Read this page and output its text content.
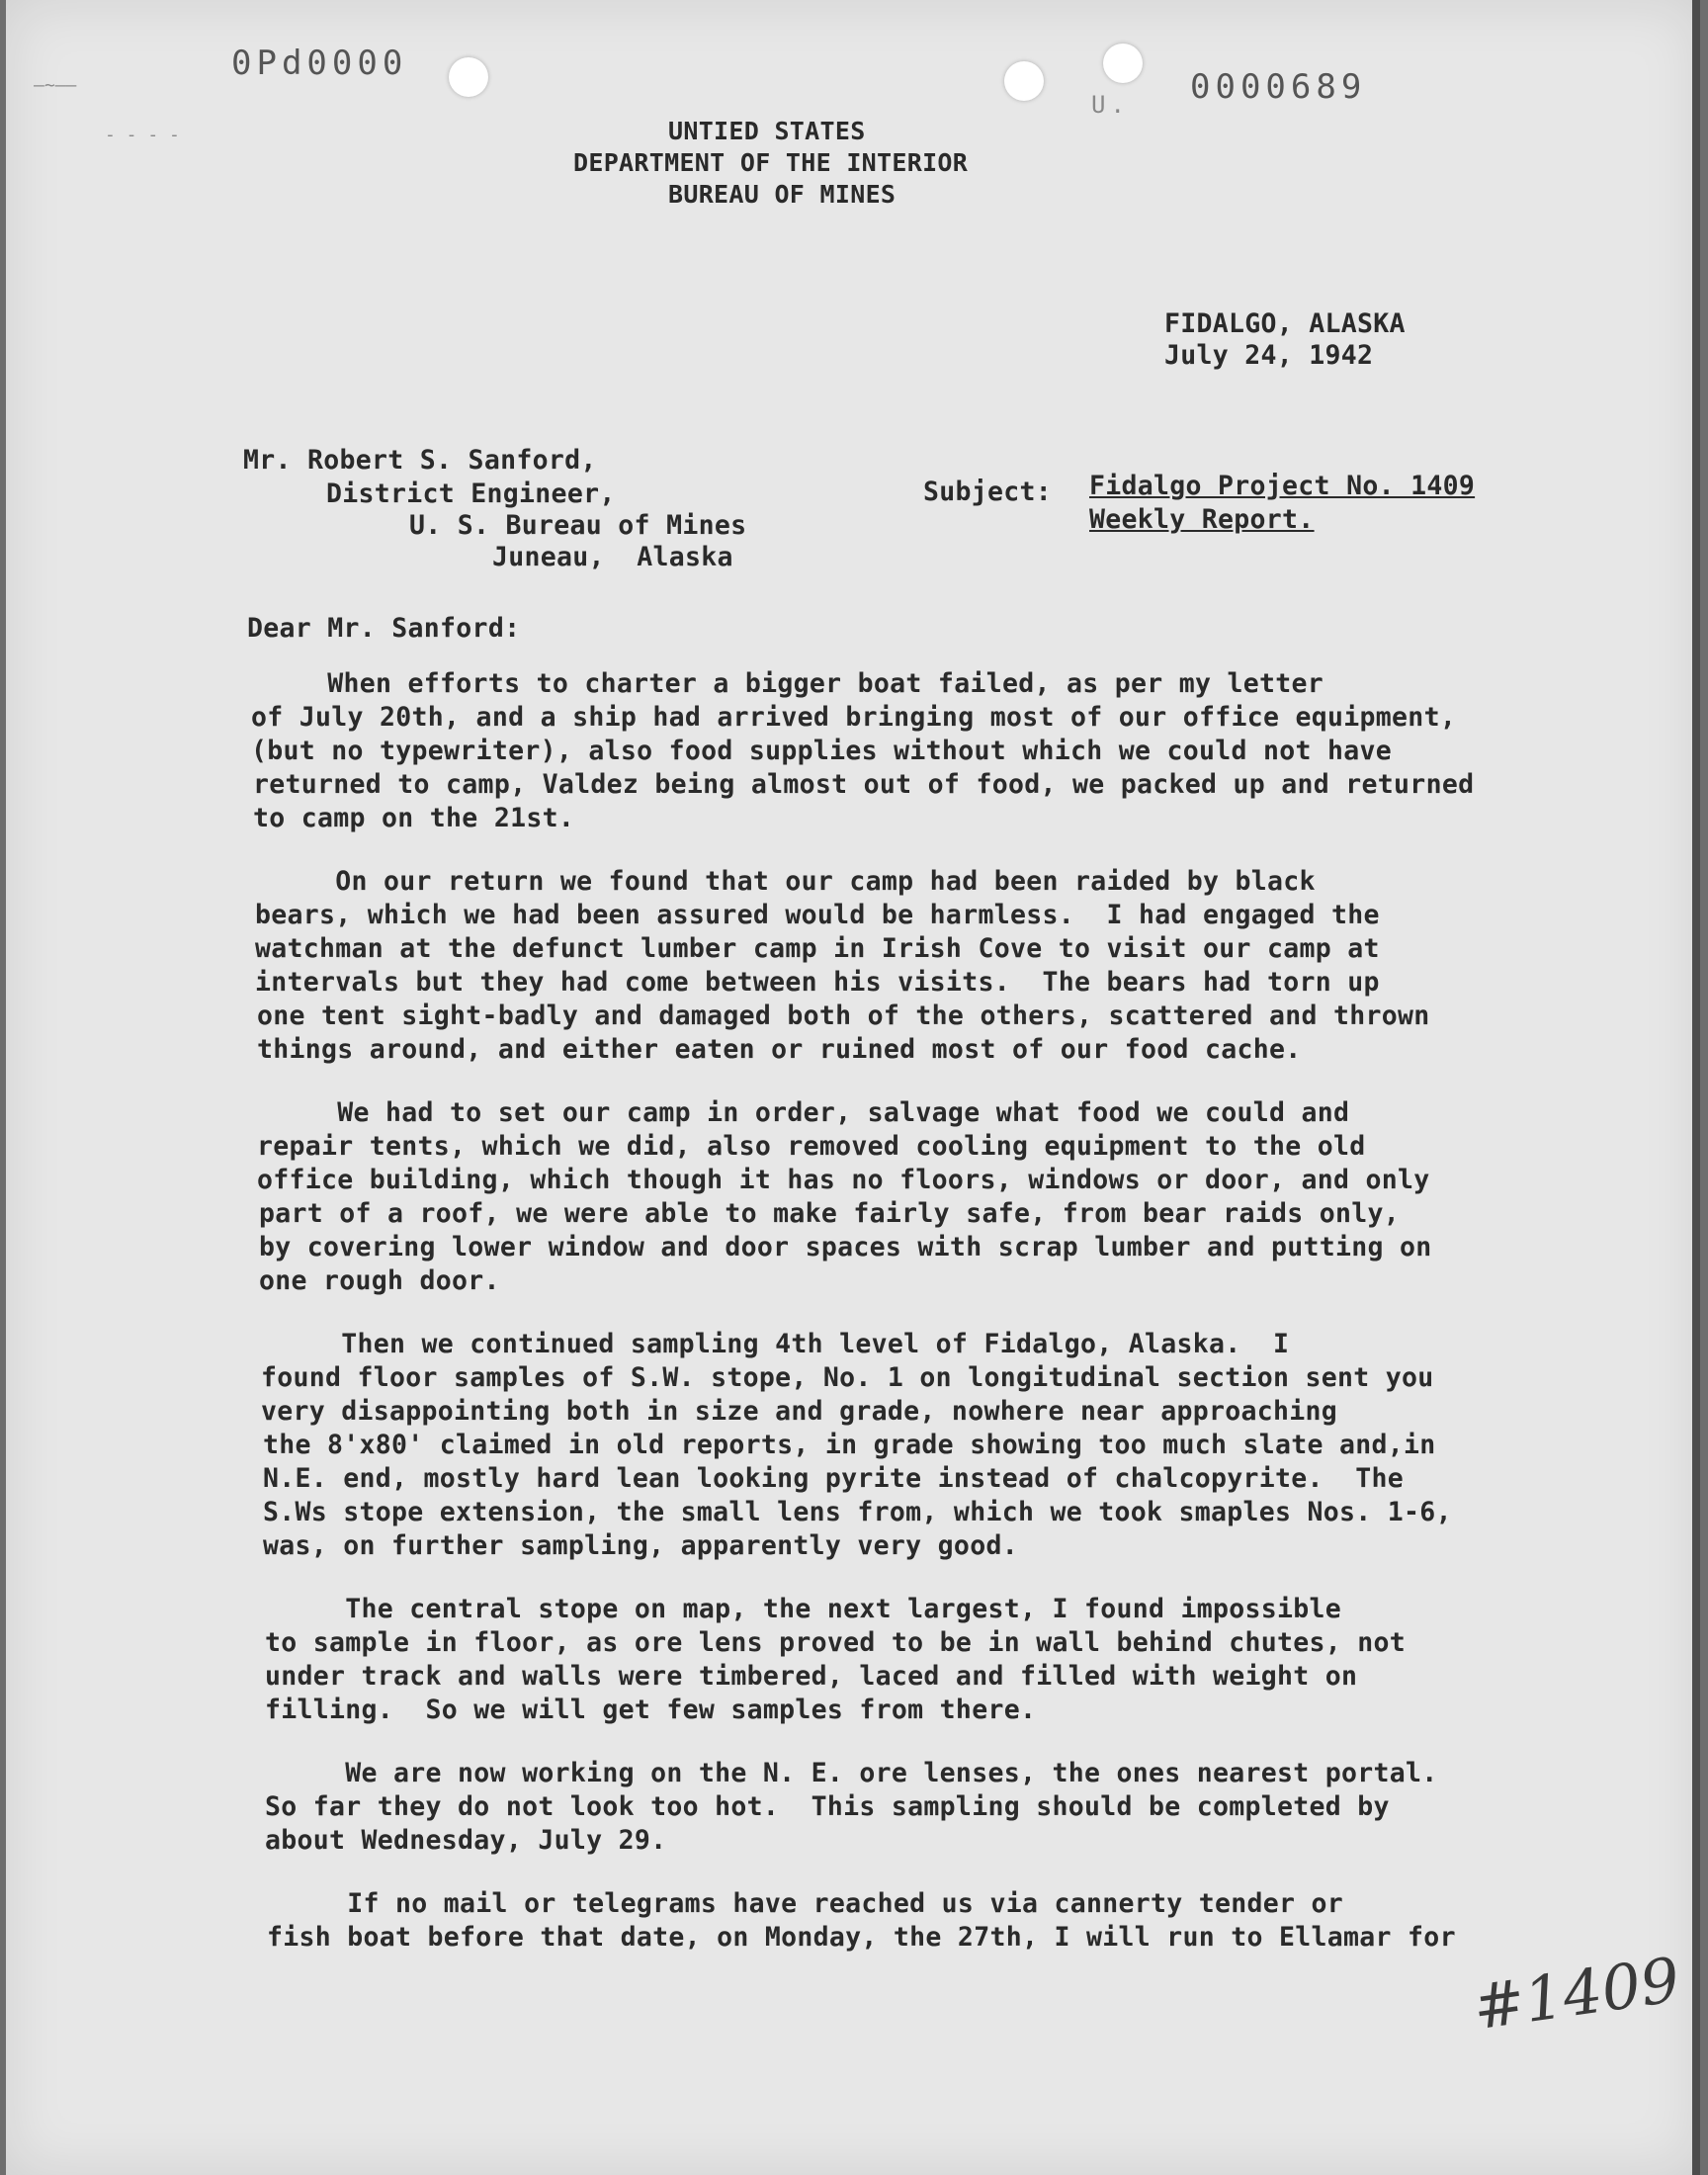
–~––
- - - -
0Pd0000
U. 0000689
UNTIED STATES
DEPARTMENT OF THE INTERIOR
BUREAU OF MINES
FIDALGO, ALASKA
July 24, 1942
Mr. Robert S. Sanford,
District Engineer,
U. S. Bureau of Mines
Juneau,  Alaska
Subject: Fidalgo Project No. 1409
Weekly Report.
Dear Mr. Sanford:
When efforts to charter a bigger boat failed, as per my letter
of July 20th, and a ship had arrived bringing most of our office equipment,
(but no typewriter), also food supplies without which we could not have
returned to camp, Valdez being almost out of food, we packed up and returned
to camp on the 21st.
On our return we found that our camp had been raided by black
bears, which we had been assured would be harmless.  I had engaged the
watchman at the defunct lumber camp in Irish Cove to visit our camp at
intervals but they had come between his visits.  The bears had torn up
one tent sight-badly and damaged both of the others, scattered and thrown
things around, and either eaten or ruined most of our food cache.
We had to set our camp in order, salvage what food we could and
repair tents, which we did, also removed cooling equipment to the old
office building, which though it has no floors, windows or door, and only
part of a roof, we were able to make fairly safe, from bear raids only,
by covering lower window and door spaces with scrap lumber and putting on
one rough door.
Then we continued sampling 4th level of Fidalgo, Alaska.  I
found floor samples of S.W. stope, No. 1 on longitudinal section sent you
very disappointing both in size and grade, nowhere near approaching
the 8'x80' claimed in old reports, in grade showing too much slate and,in
N.E. end, mostly hard lean looking pyrite instead of chalcopyrite.  The
S.Ws stope extension, the small lens from, which we took smaples Nos. 1-6,
was, on further sampling, apparently very good.
The central stope on map, the next largest, I found impossible
to sample in floor, as ore lens proved to be in wall behind chutes, not
under track and walls were timbered, laced and filled with weight on
filling.  So we will get few samples from there.
We are now working on the N. E. ore lenses, the ones nearest portal.
So far they do not look too hot.  This sampling should be completed by
about Wednesday, July 29.
If no mail or telegrams have reached us via cannerty tender or
fish boat before that date, on Monday, the 27th, I will run to Ellamar for
#1409
